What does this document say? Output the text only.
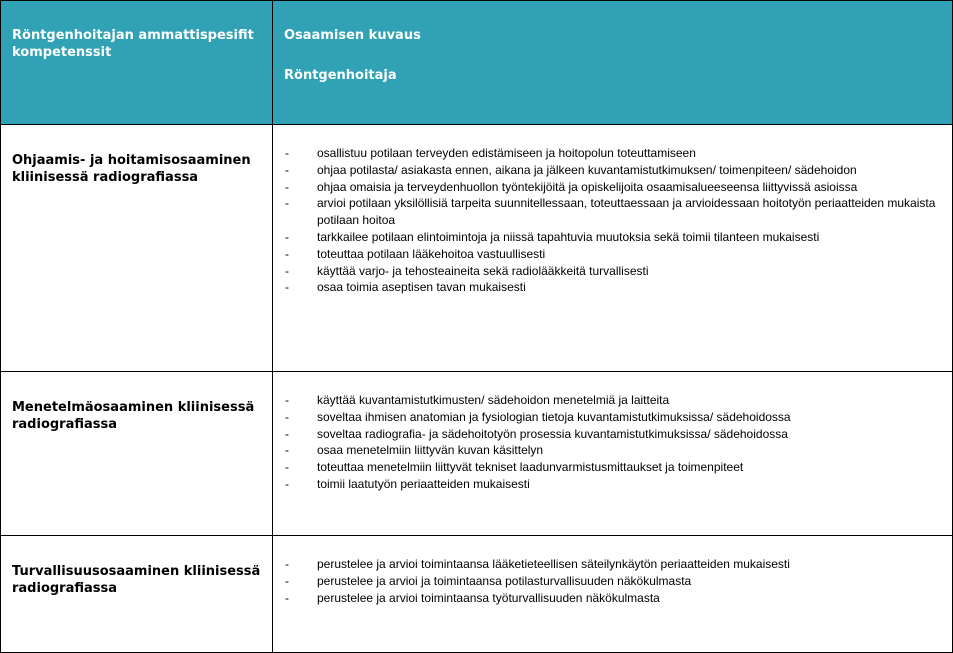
Röntgenhoitajan ammattispesifit kompetenssit	Osaamisen kuvaus
Röntgenhoitaja

Ohjaamis- ja hoitamisosaaminen kliinisessä radiografiassa	
- osallistuu potilaan terveyden edistämiseen ja hoitopolun toteuttamiseen
- ohjaa potilasta/ asiakasta ennen, aikana ja jälkeen kuvantamistutkimuksen/ toimenpiteen/ sädehoidon
- ohjaa omaisia ja terveydenhuollon työntekijöitä ja opiskelijoita osaamisalueeseensa liittyvissä asioissa
- arvioi potilaan yksilöllisiä tarpeita suunnitellessaan, toteuttaessaan ja arvioidessaan hoitotyön periaatteiden mukaista potilaan hoitoa
- tarkkailee potilaan elintoimintoja ja niissä tapahtuvia muutoksia sekä toimii tilanteen mukaisesti
- toteuttaa potilaan lääkehoitoa vastuullisesti
- käyttää varjo- ja tehosteaineita sekä radiolääkkeitä turvallisesti
- osaa toimia aseptisen tavan mukaisesti

Menetelmäosaaminen kliinisessä radiografiassa	
- käyttää kuvantamistutkimusten/ sädehoidon menetelmiä ja laitteita
- soveltaa ihmisen anatomian ja fysiologian tietoja kuvantamistutkimuksissa/ sädehoidossa
- soveltaa radiografia- ja sädehoitotyön prosessia kuvantamistutkimuksissa/ sädehoidossa
- osaa menetelmiin liittyvän kuvan käsittelyn
- toteuttaa menetelmiin liittyvät tekniset laadunvarmistusmittaukset ja toimenpiteet
- toimii laatutyön periaatteiden mukaisesti

Turvallisuusosaaminen kliinisessä radiografiassa	
- perustelee ja arvioi toimintaansa lääketieteellisen säteilynkäytön periaatteiden mukaisesti
- perustelee ja arvioi ja toimintaansa potilasturvallisuuden näkökulmasta
- perustelee ja arvioi toimintaansa työturvallisuuden näkökulmasta
